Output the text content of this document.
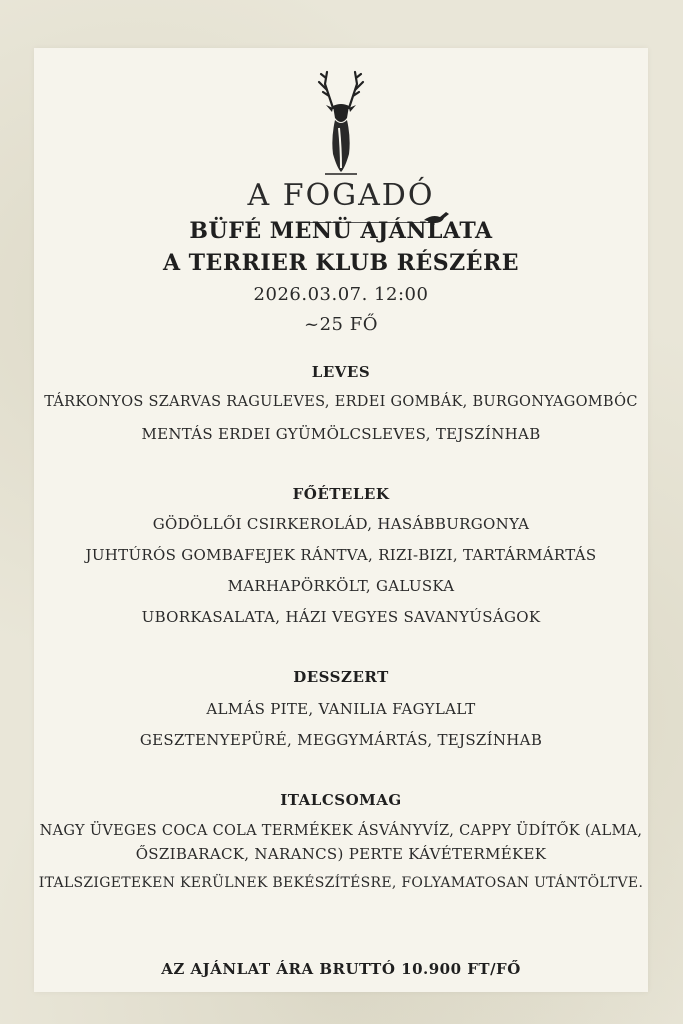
A FOGADÓ
BÜFÉ MENÜ AJÁNLATA
A TERRIER KLUB RÉSZÉRE
2026.03.07. 12:00
~25 FŐ
LEVES
TÁRKONYOS SZARVAS RAGULEVES, ERDEI GOMBÁK, BURGONYAGOMBÓC
MENTÁS ERDEI GYÜMÖLCSLEVES, TEJSZÍNHAB
FŐÉTELEK
GÖDÖLLŐI CSIRKEROLÁD, HASÁBBURGONYA
JUHTÚRÓS GOMBAFEJEK RÁNTVA, RIZI-BIZI, TARTÁRMÁRTÁS
MARHAPÖRKÖLT, GALUSKA
UBORKASALATA, HÁZI VEGYES SAVANYÚSÁGOK
DESSZERT
ALMÁS PITE, VANILIA FAGYLALT
GESZTENYEPÜRÉ, MEGGYMÁRTÁS, TEJSZÍNHAB
ITALCSOMAG
NAGY ÜVEGES COCA COLA TERMÉKEK ÁSVÁNYVÍZ, CAPPY ÜDÍTŐK (ALMA,
ŐSZIBARACK, NARANCS) PERTE KÁVÉTERMÉKEK
ITALSZIGETEKEN KERÜLNEK BEKÉSZÍTÉSRE, FOLYAMATOSAN UTÁNTÖLTVE.
AZ AJÁNLAT ÁRA BRUTTÓ 10.900 FT/FŐ
